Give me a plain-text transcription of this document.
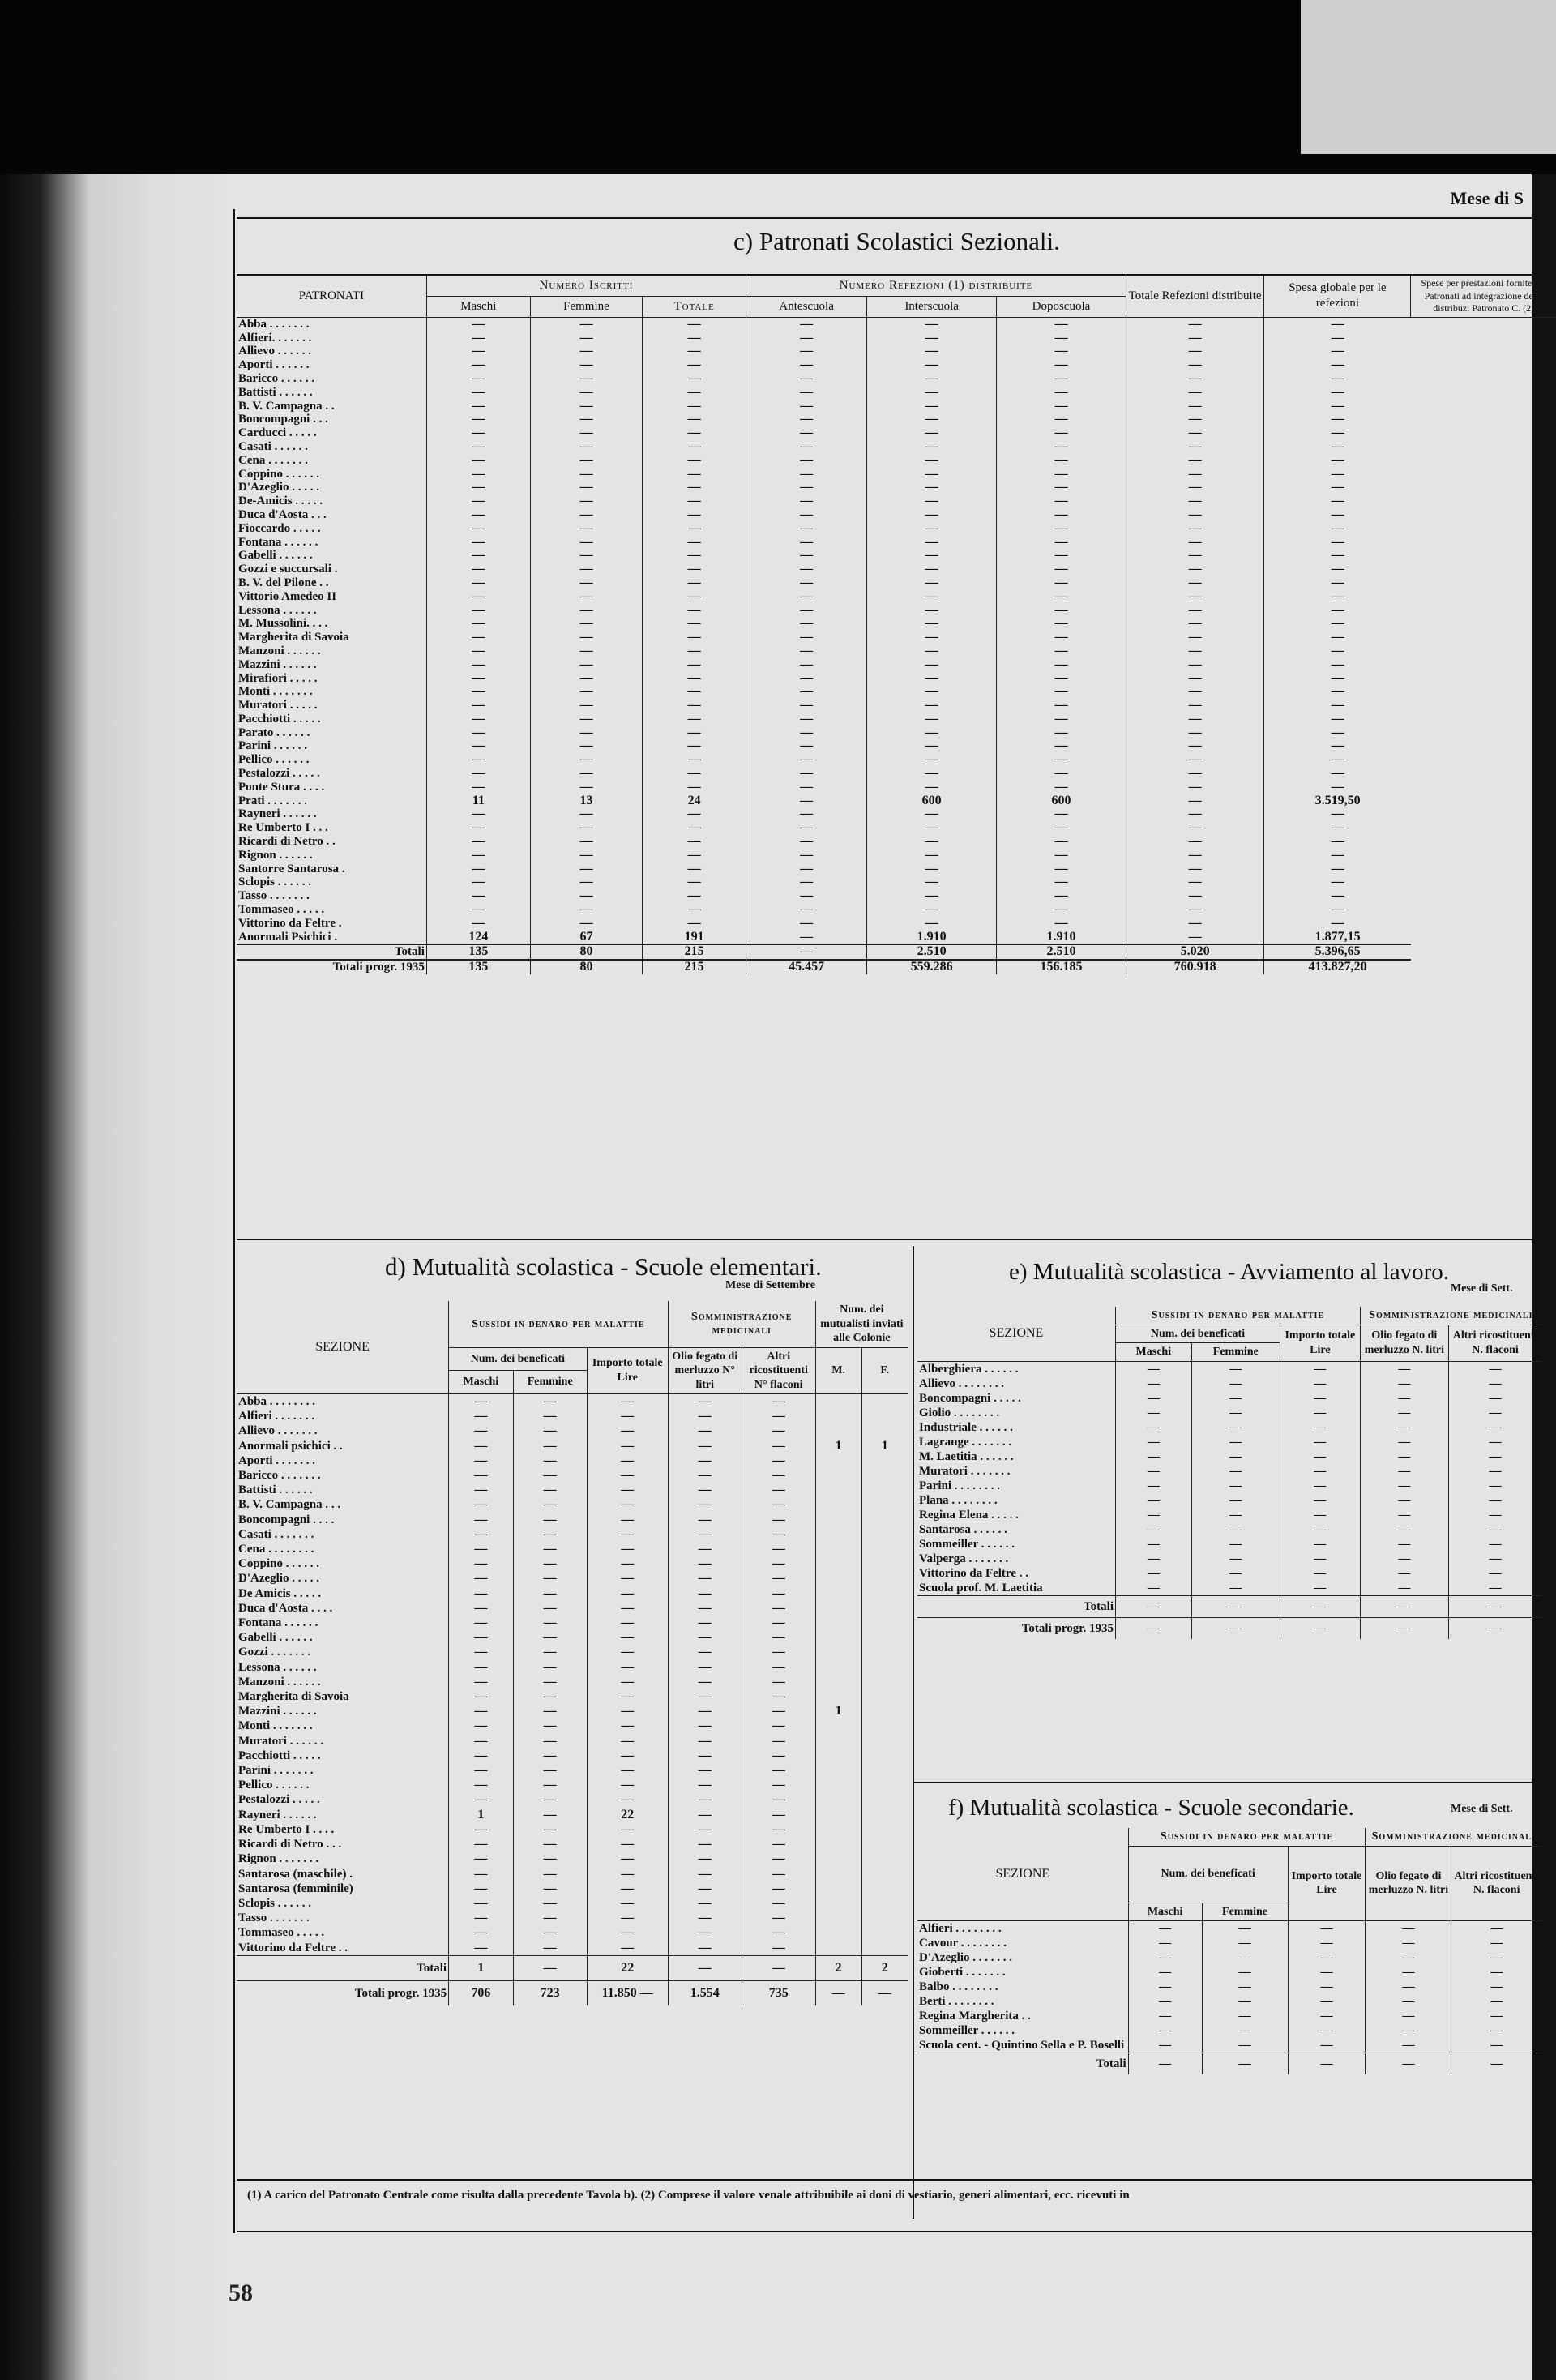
Mese di S
c) Patronati Scolastici Sezionali.
PATRONATI	Numero Iscritti			Numero Refezioni (1) distribuite			Totale Refezioni distribuite	Spesa globale per le refezioni	Spese per prestazioni fornite dai Patronati ad integrazione della distribuz. Patronato C. (2)
	Maschi	Femmine	Totale	Antescuola	Interscuola	Doposcuola			
Abba . . . . . . .	—	—	—	—	—	—	—	—	
Alfieri. . . . . . .	—	—	—	—	—	—	—	—	
Allievo . . . . . .	—	—	—	—	—	—	—	—	
Aporti . . . . . .	—	—	—	—	—	—	—	—	
Baricco . . . . . .	—	—	—	—	—	—	—	—	
Battisti . . . . . .	—	—	—	—	—	—	—	—	
B. V. Campagna . .	—	—	—	—	—	—	—	—	
Boncompagni . . .	—	—	—	—	—	—	—	—	
Carducci . . . . .	—	—	—	—	—	—	—	—	
Casati . . . . . .	—	—	—	—	—	—	—	—	
Cena . . . . . . .	—	—	—	—	—	—	—	—	
Coppino . . . . . .	—	—	—	—	—	—	—	—	
D'Azeglio . . . . .	—	—	—	—	—	—	—	—	
De-Amicis . . . . .	—	—	—	—	—	—	—	—	
Duca d'Aosta . . .	—	—	—	—	—	—	—	—	
Fioccardo . . . . .	—	—	—	—	—	—	—	—	
Fontana . . . . . .	—	—	—	—	—	—	—	—	
Gabelli . . . . . .	—	—	—	—	—	—	—	—	
Gozzi e succursali .	—	—	—	—	—	—	—	—	
B. V. del Pilone . .	—	—	—	—	—	—	—	—	
Vittorio Amedeo II	—	—	—	—	—	—	—	—	
Lessona . . . . . .	—	—	—	—	—	—	—	—	
M. Mussolini. . . .	—	—	—	—	—	—	—	—	
Margherita di Savoia	—	—	—	—	—	—	—	—	
Manzoni . . . . . .	—	—	—	—	—	—	—	—	
Mazzini . . . . . .	—	—	—	—	—	—	—	—	
Mirafiori . . . . .	—	—	—	—	—	—	—	—	
Monti . . . . . . .	—	—	—	—	—	—	—	—	
Muratori . . . . .	—	—	—	—	—	—	—	—	
Pacchiotti . . . . .	—	—	—	—	—	—	—	—	
Parato . . . . . .	—	—	—	—	—	—	—	—	
Parini . . . . . .	—	—	—	—	—	—	—	—	
Pellico . . . . . .	—	—	—	—	—	—	—	—	
Pestalozzi . . . . .	—	—	—	—	—	—	—	—	
Ponte Stura . . . .	—	—	—	—	—	—	—	—	
Prati . . . . . . .	11	13	24	—	600	600	—	3.519,50	
Rayneri . . . . . .	—	—	—	—	—	—	—	—	
Re Umberto I . . .	—	—	—	—	—	—	—	—	
Ricardi di Netro . .	—	—	—	—	—	—	—	—	
Rignon . . . . . .	—	—	—	—	—	—	—	—	
Santorre Santarosa .	—	—	—	—	—	—	—	—	
Sclopis . . . . . .	—	—	—	—	—	—	—	—	
Tasso . . . . . . .	—	—	—	—	—	—	—	—	
Tommaseo . . . . .	—	—	—	—	—	—	—	—	
Vittorino da Feltre .	—	—	—	—	—	—	—	—	
Anormali Psichici .	124	67	191	—	1.910	1.910	—	1.877,15	
Totali	135	80	215	—	2.510	2.510	5.020	5.396,65	
Totali progr. 1935	135	80	215	45.457	559.286	156.185	760.918	413.827,20	
d) Mutualità scolastica - Scuole elementari.
Mese di Settembre
SEZIONE	Sussidi in denaro per malattie			Somministrazione medicinali		Num. dei mutualisti inviati alle Colonie	
	Num. dei beneficati		Importo totale Lire	Olio fegato di merluzzo N° litri	Altri ricostituenti N° flaconi	M.	F.
	Maschi	Femmine					
Abba . . . . . . . .	—	—	—	—	—		
Alfieri . . . . . . .	—	—	—	—	—		
Allievo . . . . . . .	—	—	—	—	—		
Anormali psichici . .	—	—	—	—	—	1	1
Aporti . . . . . . .	—	—	—	—	—		
Baricco . . . . . . .	—	—	—	—	—		
Battisti . . . . . .	—	—	—	—	—		
B. V. Campagna . . .	—	—	—	—	—		
Boncompagni . . . .	—	—	—	—	—		
Casati . . . . . . .	—	—	—	—	—		
Cena . . . . . . . .	—	—	—	—	—		
Coppino . . . . . .	—	—	—	—	—		
D'Azeglio . . . . .	—	—	—	—	—		
De Amicis . . . . .	—	—	—	—	—		
Duca d'Aosta . . . .	—	—	—	—	—		
Fontana . . . . . .	—	—	—	—	—		
Gabelli . . . . . .	—	—	—	—	—		
Gozzi . . . . . . .	—	—	—	—	—		
Lessona . . . . . .	—	—	—	—	—		
Manzoni . . . . . .	—	—	—	—	—		
Margherita di Savoia	—	—	—	—	—		
Mazzini . . . . . .	—	—	—	—	—	1	
Monti . . . . . . .	—	—	—	—	—		
Muratori . . . . . .	—	—	—	—	—		
Pacchiotti . . . . .	—	—	—	—	—		
Parini . . . . . . .	—	—	—	—	—		
Pellico . . . . . .	—	—	—	—	—		
Pestalozzi . . . . .	—	—	—	—	—		
Rayneri . . . . . .	1	—	22	—	—		
Re Umberto I . . . .	—	—	—	—	—		
Ricardi di Netro . . .	—	—	—	—	—		
Rignon . . . . . . .	—	—	—	—	—		
Santarosa (maschile) .	—	—	—	—	—		
Santarosa (femminile)	—	—	—	—	—		
Sclopis . . . . . .	—	—	—	—	—		
Tasso . . . . . . .	—	—	—	—	—		
Tommaseo . . . . .	—	—	—	—	—		
Vittorino da Feltre . .	—	—	—	—	—		
Totali	1	—	22	—	—	2	2
Totali progr. 1935	706	723	11.850 —	1.554	735	—	—
e) Mutualità scolastica - Avviamento al lavoro.
Mese di Sett.
SEZIONE	Sussidi in denaro per malattie			Somministrazione medicinali	
	Num. dei beneficati		Importo totale Lire	Olio fegato di merluzzo N. litri	Altri ricostituenti N. flaconi
	Maschi	Femmine			
Alberghiera . . . . . .	—	—	—	—	—
Allievo . . . . . . . .	—	—	—	—	—
Boncompagni . . . . .	—	—	—	—	—
Giolio . . . . . . . .	—	—	—	—	—
Industriale . . . . . .	—	—	—	—	—
Lagrange . . . . . . .	—	—	—	—	—
M. Laetitia . . . . . .	—	—	—	—	—
Muratori . . . . . . .	—	—	—	—	—
Parini . . . . . . . .	—	—	—	—	—
Plana . . . . . . . .	—	—	—	—	—
Regina Elena . . . . .	—	—	—	—	—
Santarosa . . . . . .	—	—	—	—	—
Sommeiller . . . . . .	—	—	—	—	—
Valperga . . . . . . .	—	—	—	—	—
Vittorino da Feltre . .	—	—	—	—	—
Scuola prof. M. Laetitia	—	—	—	—	—
Totali	—	—	—	—	—
Totali progr. 1935	—	—	—	—	—
f) Mutualità scolastica - Scuole secondarie.	Mese di Sett.
SEZIONE	Sussidi in denaro per malattie			Somministrazione medicinali	
	Num. dei beneficati		Importo totale Lire	Olio fegato di merluzzo N. litri	Altri ricostituenti N. flaconi
	Maschi	Femmine			
Alfieri . . . . . . . .	—	—	—	—	—
Cavour . . . . . . . .	—	—	—	—	—
D'Azeglio . . . . . . .	—	—	—	—	—
Gioberti . . . . . . .	—	—	—	—	—
Balbo . . . . . . . .	—	—	—	—	—
Berti . . . . . . . .	—	—	—	—	—
Regina Margherita . .	—	—	—	—	—
Sommeiller . . . . . .	—	—	—	—	—
Scuola cent. - Quintino Sella e P. Boselli	—	—	—	—	—
Totali	—	—	—	—	—
(1) A carico del Patronato Centrale come risulta dalla precedente Tavola b). (2) Comprese il valore venale attribuibile ai doni di vestiario, generi alimentari, ecc. ricevuti in
58
